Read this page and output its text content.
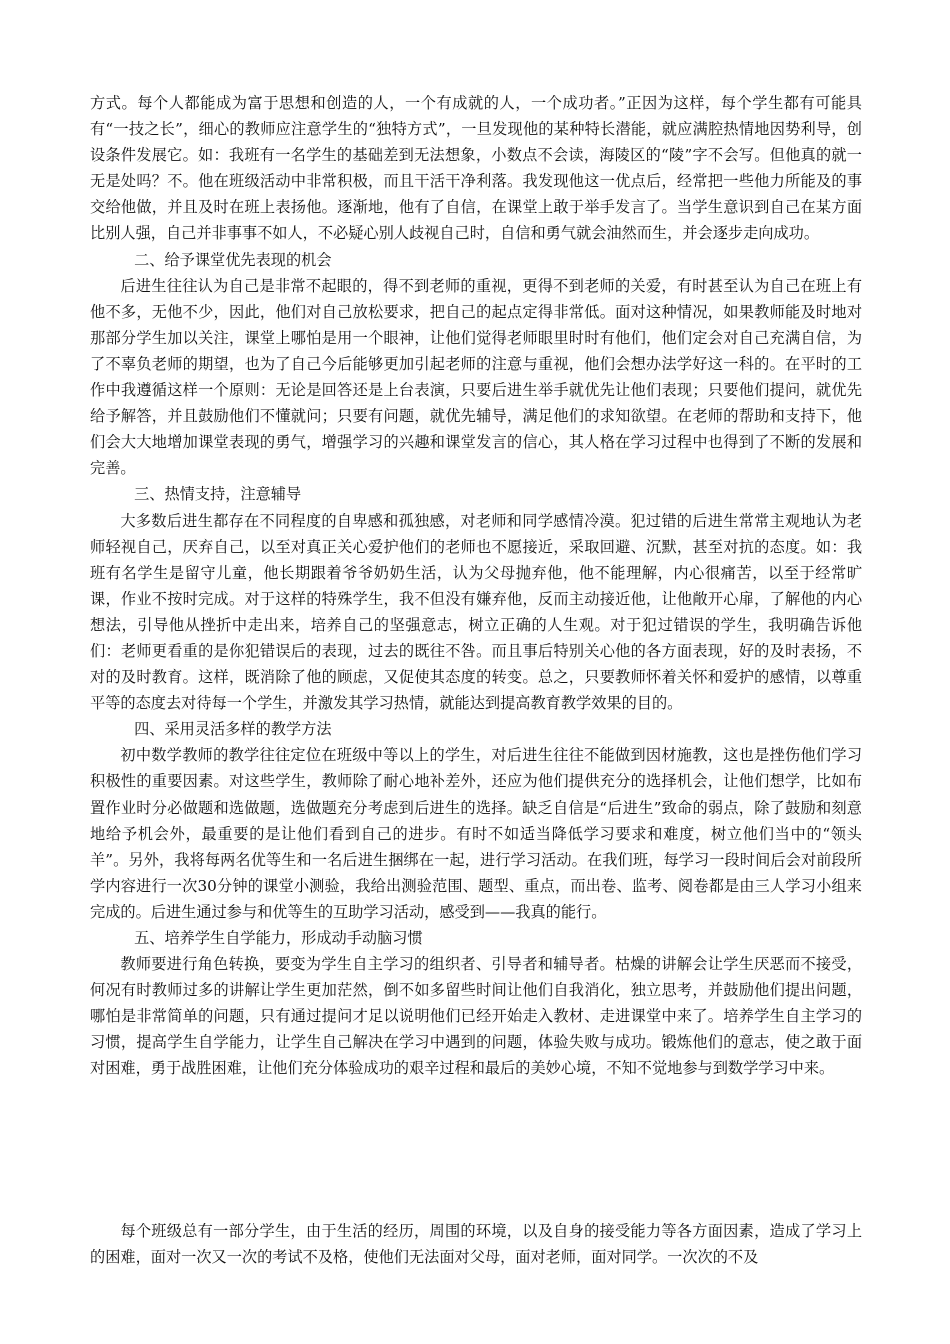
方式。每个人都能成为富于思想和创造的人，一个有成就的人，一个成功者。”正因为这样，每个学生都有可能具有“一技之长”，细心的教师应注意学生的“独特方式”，一旦发现他的某种特长潜能，就应满腔热情地因势利导，创设条件发展它。如：我班有一名学生的基础差到无法想象，小数点不会读，海陵区的“陵”字不会写。但他真的就一无是处吗？不。他在班级活动中非常积极，而且干活干净利落。我发现他这一优点后，经常把一些他力所能及的事交给他做，并且及时在班上表扬他。逐渐地，他有了自信，在课堂上敢于举手发言了。当学生意识到自己在某方面比别人强，自己并非事事不如人，不必疑心别人歧视自己时，自信和勇气就会油然而生，并会逐步走向成功。

二、给予课堂优先表现的机会

后进生往往认为自己是非常不起眼的，得不到老师的重视，更得不到老师的关爱，有时甚至认为自己在班上有他不多，无他不少，因此，他们对自己放松要求，把自己的起点定得非常低。面对这种情况，如果教师能及时地对那部分学生加以关注，课堂上哪怕是用一个眼神，让他们觉得老师眼里时时有他们，他们定会对自己充满自信，为了不辜负老师的期望，也为了自己今后能够更加引起老师的注意与重视，他们会想办法学好这一科的。在平时的工作中我遵循这样一个原则：无论是回答还是上台表演，只要后进生举手就优先让他们表现；只要他们提问，就优先给予解答，并且鼓励他们不懂就问；只要有问题，就优先辅导，满足他们的求知欲望。在老师的帮助和支持下，他们会大大地增加课堂表现的勇气，增强学习的兴趣和课堂发言的信心，其人格在学习过程中也得到了不断的发展和完善。

三、热情支持，注意辅导

大多数后进生都存在不同程度的自卑感和孤独感，对老师和同学感情冷漠。犯过错的后进生常常主观地认为老师轻视自己，厌弃自己，以至对真正关心爱护他们的老师也不愿接近，采取回避、沉默，甚至对抗的态度。如：我班有名学生是留守儿童，他长期跟着爷爷奶奶生活，认为父母抛弃他，他不能理解，内心很痛苦，以至于经常旷课，作业不按时完成。对于这样的特殊学生，我不但没有嫌弃他，反而主动接近他，让他敞开心扉，了解他的内心想法，引导他从挫折中走出来，培养自己的坚强意志，树立正确的人生观。对于犯过错误的学生，我明确告诉他们：老师更看重的是你犯错误后的表现，过去的既往不咎。而且事后特别关心他的各方面表现，好的及时表扬，不对的及时教育。这样，既消除了他的顾虑，又促使其态度的转变。总之，只要教师怀着关怀和爱护的感情，以尊重平等的态度去对待每一个学生，并激发其学习热情，就能达到提高教育教学效果的目的。

四、采用灵活多样的教学方法

初中数学教师的教学往往定位在班级中等以上的学生，对后进生往往不能做到因材施教，这也是挫伤他们学习积极性的重要因素。对这些学生，教师除了耐心地补差外，还应为他们提供充分的选择机会，让他们想学，比如布置作业时分必做题和选做题，选做题充分考虑到后进生的选择。缺乏自信是“后进生”致命的弱点，除了鼓励和刻意地给予机会外，最重要的是让他们看到自己的进步。有时不如适当降低学习要求和难度，树立他们当中的“领头羊”。另外，我将每两名优等生和一名后进生捆绑在一起，进行学习活动。在我们班，每学习一段时间后会对前段所学内容进行一次30分钟的课堂小测验，我给出测验范围、题型、重点，而出卷、监考、阅卷都是由三人学习小组来完成的。后进生通过参与和优等生的互助学习活动，感受到——我真的能行。

五、培养学生自学能力，形成动手动脑习惯

教师要进行角色转换，要变为学生自主学习的组织者、引导者和辅导者。枯燥的讲解会让学生厌恶而不接受，何况有时教师过多的讲解让学生更加茫然，倒不如多留些时间让他们自我消化，独立思考，并鼓励他们提出问题，哪怕是非常简单的问题，只有通过提问才足以说明他们已经开始走入教材、走进课堂中来了。培养学生自主学习的习惯，提高学生自学能力，让学生自己解决在学习中遇到的问题，体验失败与成功。锻炼他们的意志，使之敢于面对困难，勇于战胜困难，让他们充分体验成功的艰辛过程和最后的美妙心境，不知不觉地参与到数学学习中来。

每个班级总有一部分学生，由于生活的经历，周围的环境，以及自身的接受能力等各方面因素，造成了学习上的困难，面对一次又一次的考试不及格，使他们无法面对父母，面对老师，面对同学。一次次的不及
